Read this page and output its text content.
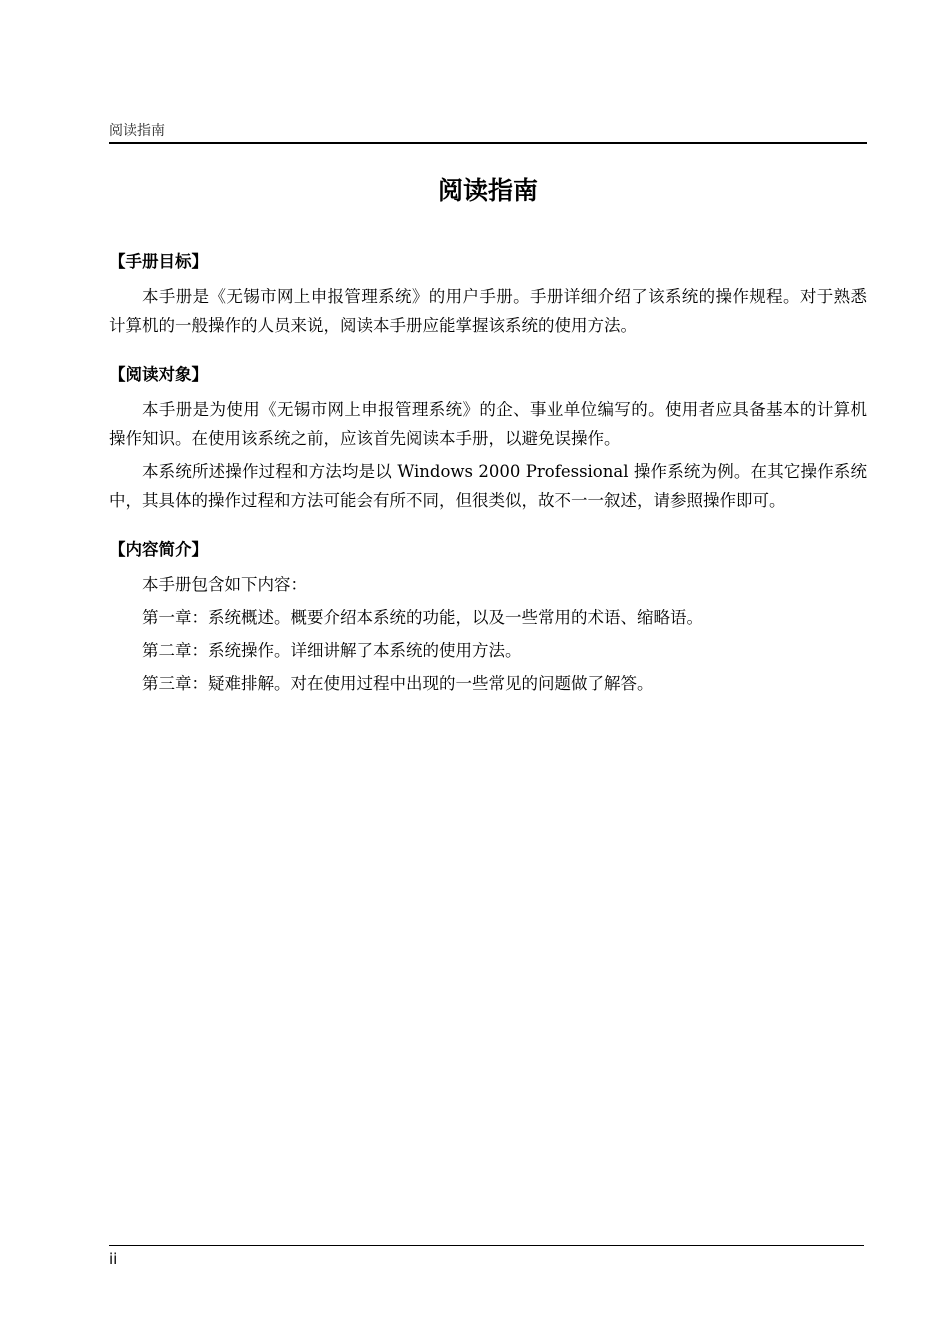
阅读指南
阅读指南
【手册目标】

本手册是《无锡市网上申报管理系统》的用户手册。手册详细介绍了该系统的操作规程。对于熟悉计算机的一般操作的人员来说，阅读本手册应能掌握该系统的使用方法。

【阅读对象】

本手册是为使用《无锡市网上申报管理系统》的企、事业单位编写的。使用者应具备基本的计算机操作知识。在使用该系统之前，应该首先阅读本手册，以避免误操作。

本系统所述操作过程和方法均是以 Windows 2000 Professional 操作系统为例。在其它操作系统中，其具体的操作过程和方法可能会有所不同，但很类似，故不一一叙述，请参照操作即可。

【内容简介】

本手册包含如下内容：

第一章：系统概述。概要介绍本系统的功能，以及一些常用的术语、缩略语。

第二章：系统操作。详细讲解了本系统的使用方法。

第三章：疑难排解。对在使用过程中出现的一些常见的问题做了解答。

ii
